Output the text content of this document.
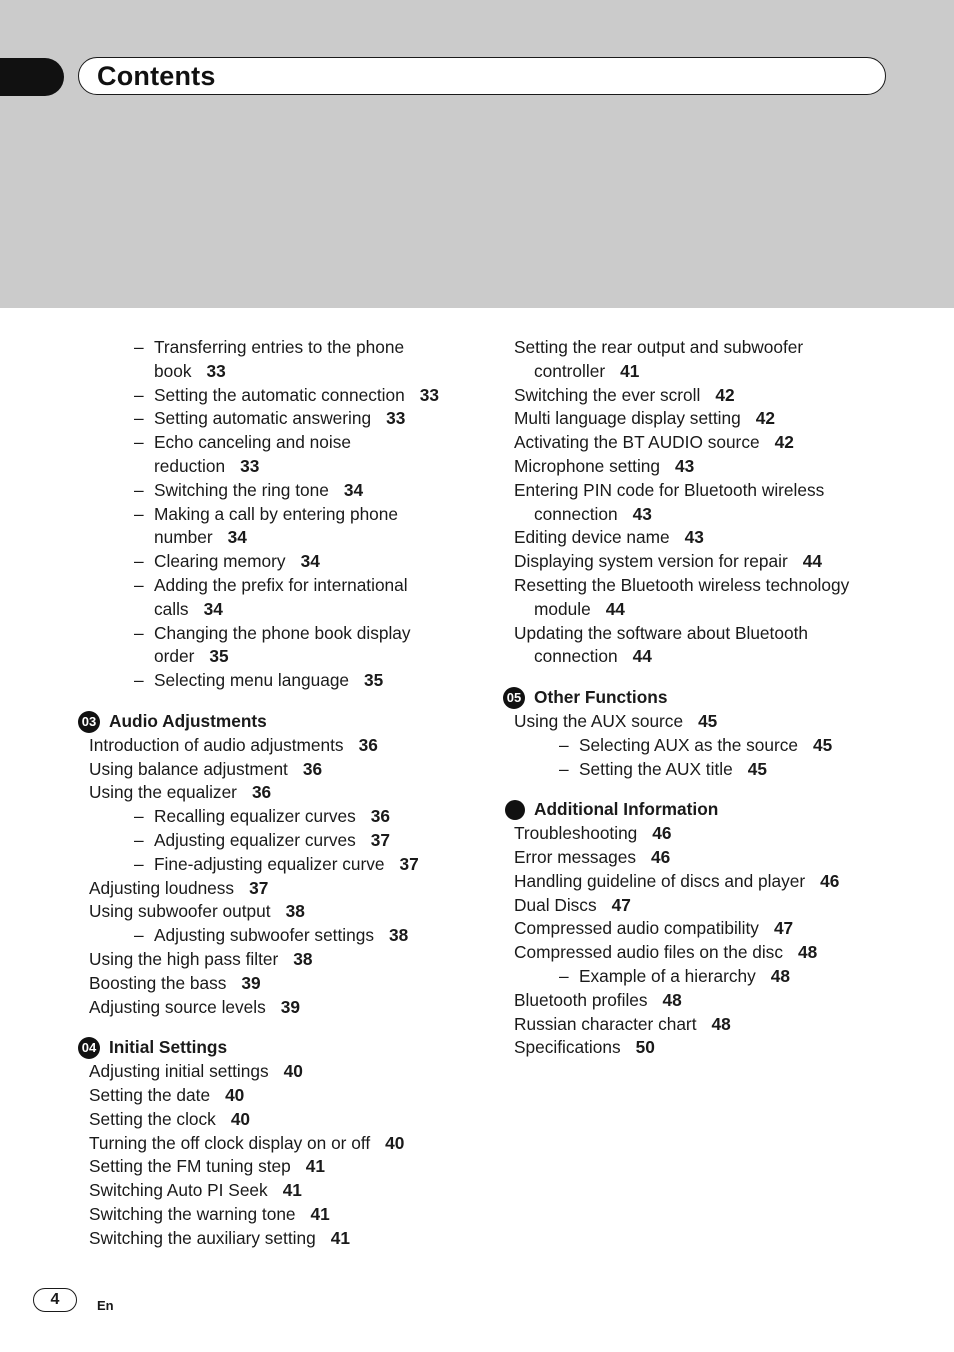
Contents
– Transferring entries to the phone
book 33
– Setting the automatic connection 33
– Setting automatic answering 33
– Echo canceling and noise
reduction 33
– Switching the ring tone 34
– Making a call by entering phone
number 34
– Clearing memory 34
– Adding the prefix for international
calls 34
– Changing the phone book display
order 35
– Selecting menu language 35
03 Audio Adjustments
Introduction of audio adjustments 36
Using balance adjustment 36
Using the equalizer 36
– Recalling equalizer curves 36
– Adjusting equalizer curves 37
– Fine-adjusting equalizer curve 37
Adjusting loudness 37
Using subwoofer output 38
– Adjusting subwoofer settings 38
Using the high pass filter 38
Boosting the bass 39
Adjusting source levels 39
04 Initial Settings
Adjusting initial settings 40
Setting the date 40
Setting the clock 40
Turning the off clock display on or off 40
Setting the FM tuning step 41
Switching Auto PI Seek 41
Switching the warning tone 41
Switching the auxiliary setting 41
Setting the rear output and subwoofer
controller 41
Switching the ever scroll 42
Multi language display setting 42
Activating the BT AUDIO source 42
Microphone setting 43
Entering PIN code for Bluetooth wireless
connection 43
Editing device name 43
Displaying system version for repair 44
Resetting the Bluetooth wireless technology
module 44
Updating the software about Bluetooth
connection 44
05 Other Functions
Using the AUX source 45
– Selecting AUX as the source 45
– Setting the AUX title 45
Additional Information
Troubleshooting 46
Error messages 46
Handling guideline of discs and player 46
Dual Discs 47
Compressed audio compatibility 47
Compressed audio files on the disc 48
– Example of a hierarchy 48
Bluetooth profiles 48
Russian character chart 48
Specifications 50
4	En
